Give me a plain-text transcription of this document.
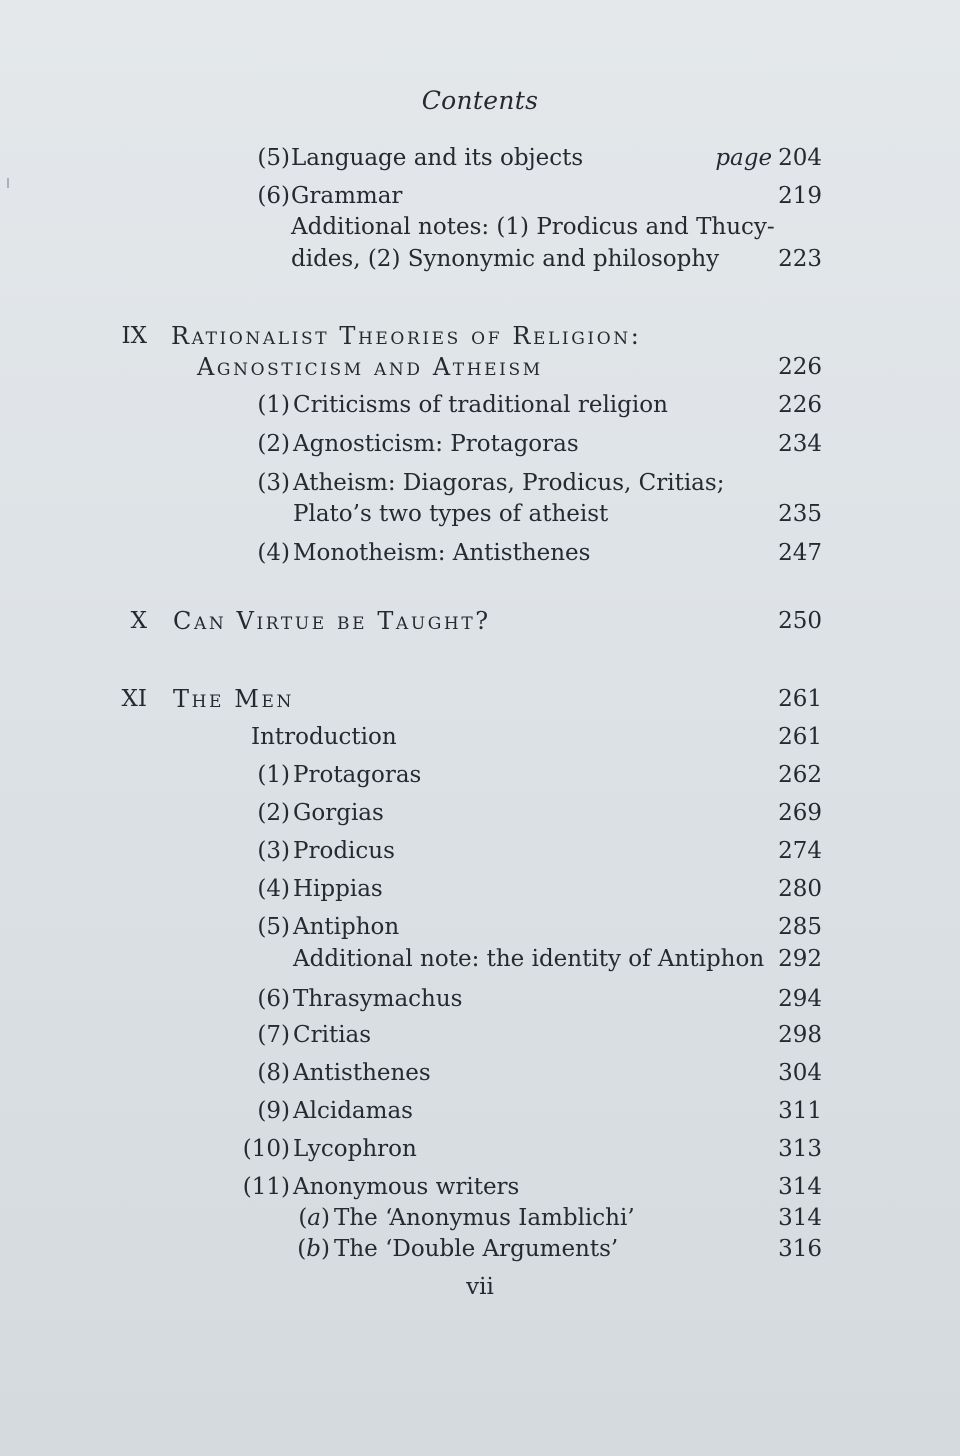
Contents
(5) Language and its objects	page 204
(6) Grammar	219
Additional notes: (1) Prodicus and Thucy-
dides, (2) Synonymic and philosophy	223
IX Rationalist Theories of Religion:
Agnosticism and Atheism	226
(1) Criticisms of traditional religion	226
(2) Agnosticism: Protagoras	234
(3) Atheism: Diagoras, Prodicus, Critias;
Plato’s two types of atheist	235
(4) Monotheism: Antisthenes	247
X Can Virtue be Taught?	250
XI The Men	261
Introduction	261
(1) Protagoras	262
(2) Gorgias	269
(3) Prodicus	274
(4) Hippias	280
(5) Antiphon	285
Additional note: the identity of Antiphon 292
(6) Thrasymachus	294
(7) Critias	298
(8) Antisthenes	304
(9) Alcidamas	311
(10) Lycophron	313
(11) Anonymous writers	314
(a) The ‘Anonymus Iamblichi’	314
(b) The ‘Double Arguments’	316
vii
